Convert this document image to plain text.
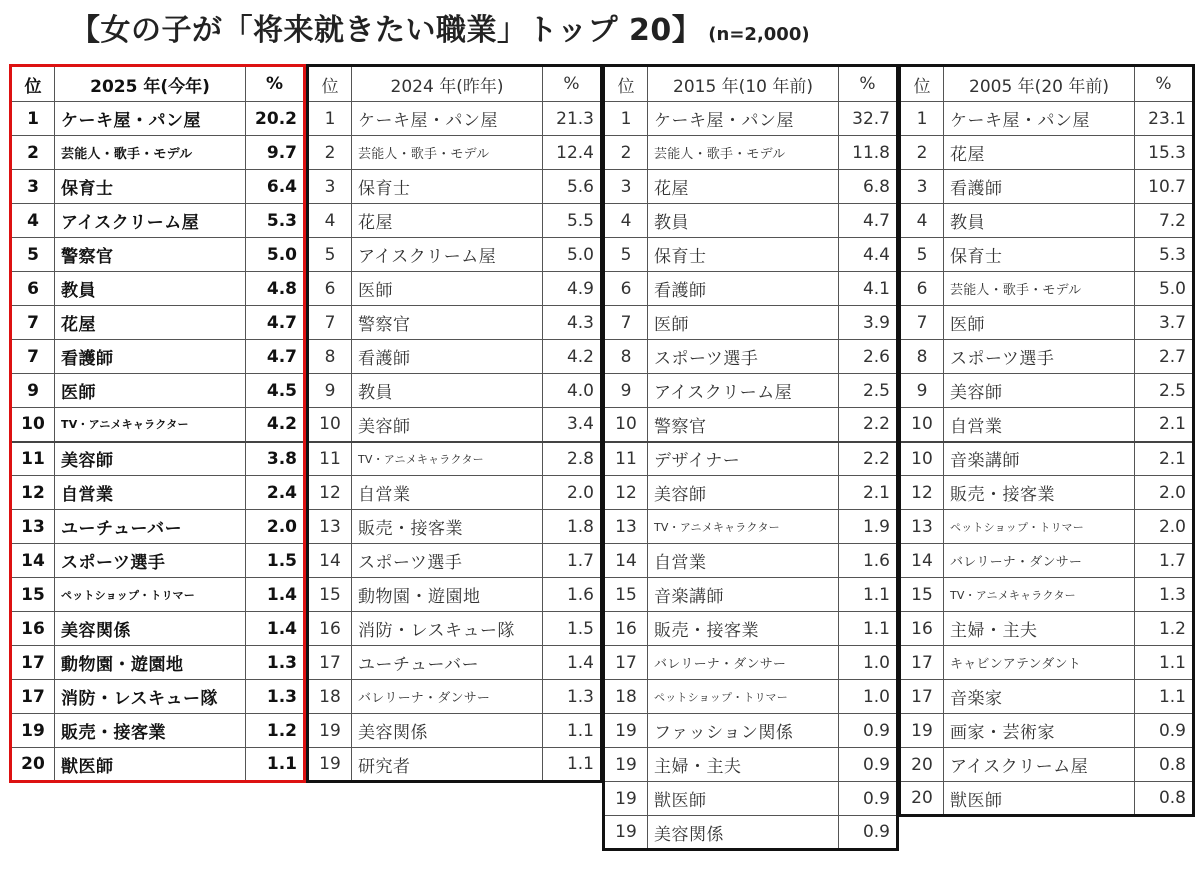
【女の子が「将来就きたい職業」トップ 20】 (n=2,000)
位	2025 年(今年)	%
1	ケーキ屋・パン屋	20.2
2	芸能人・歌手・モデル	9.7
3	保育士	6.4
4	アイスクリーム屋	5.3
5	警察官	5.0
6	教員	4.8
7	花屋	4.7
7	看護師	4.7
9	医師	4.5
10	TV・アニメキャラクター	4.2
11	美容師	3.8
12	自営業	2.4
13	ユーチューバー	2.0
14	スポーツ選手	1.5
15	ペットショップ・トリマー	1.4
16	美容関係	1.4
17	動物園・遊園地	1.3
17	消防・レスキュー隊	1.3
19	販売・接客業	1.2
20	獣医師	1.1
位	2024 年(昨年)	%
1	ケーキ屋・パン屋	21.3
2	芸能人・歌手・モデル	12.4
3	保育士	5.6
4	花屋	5.5
5	アイスクリーム屋	5.0
6	医師	4.9
7	警察官	4.3
8	看護師	4.2
9	教員	4.0
10	美容師	3.4
11	TV・アニメキャラクター	2.8
12	自営業	2.0
13	販売・接客業	1.8
14	スポーツ選手	1.7
15	動物園・遊園地	1.6
16	消防・レスキュー隊	1.5
17	ユーチューバー	1.4
18	バレリーナ・ダンサー	1.3
19	美容関係	1.1
19	研究者	1.1
位	2015 年(10 年前)	%
1	ケーキ屋・パン屋	32.7
2	芸能人・歌手・モデル	11.8
3	花屋	6.8
4	教員	4.7
5	保育士	4.4
6	看護師	4.1
7	医師	3.9
8	スポーツ選手	2.6
9	アイスクリーム屋	2.5
10	警察官	2.2
11	デザイナー	2.2
12	美容師	2.1
13	TV・アニメキャラクター	1.9
14	自営業	1.6
15	音楽講師	1.1
16	販売・接客業	1.1
17	バレリーナ・ダンサー	1.0
18	ペットショップ・トリマー	1.0
19	ファッション関係	0.9
19	主婦・主夫	0.9
19	獣医師	0.9
19	美容関係	0.9
位	2005 年(20 年前)	%
1	ケーキ屋・パン屋	23.1
2	花屋	15.3
3	看護師	10.7
4	教員	7.2
5	保育士	5.3
6	芸能人・歌手・モデル	5.0
7	医師	3.7
8	スポーツ選手	2.7
9	美容師	2.5
10	自営業	2.1
10	音楽講師	2.1
12	販売・接客業	2.0
13	ペットショップ・トリマー	2.0
14	バレリーナ・ダンサー	1.7
15	TV・アニメキャラクター	1.3
16	主婦・主夫	1.2
17	キャビンアテンダント	1.1
17	音楽家	1.1
19	画家・芸術家	0.9
20	アイスクリーム屋	0.8
20	獣医師	0.8
